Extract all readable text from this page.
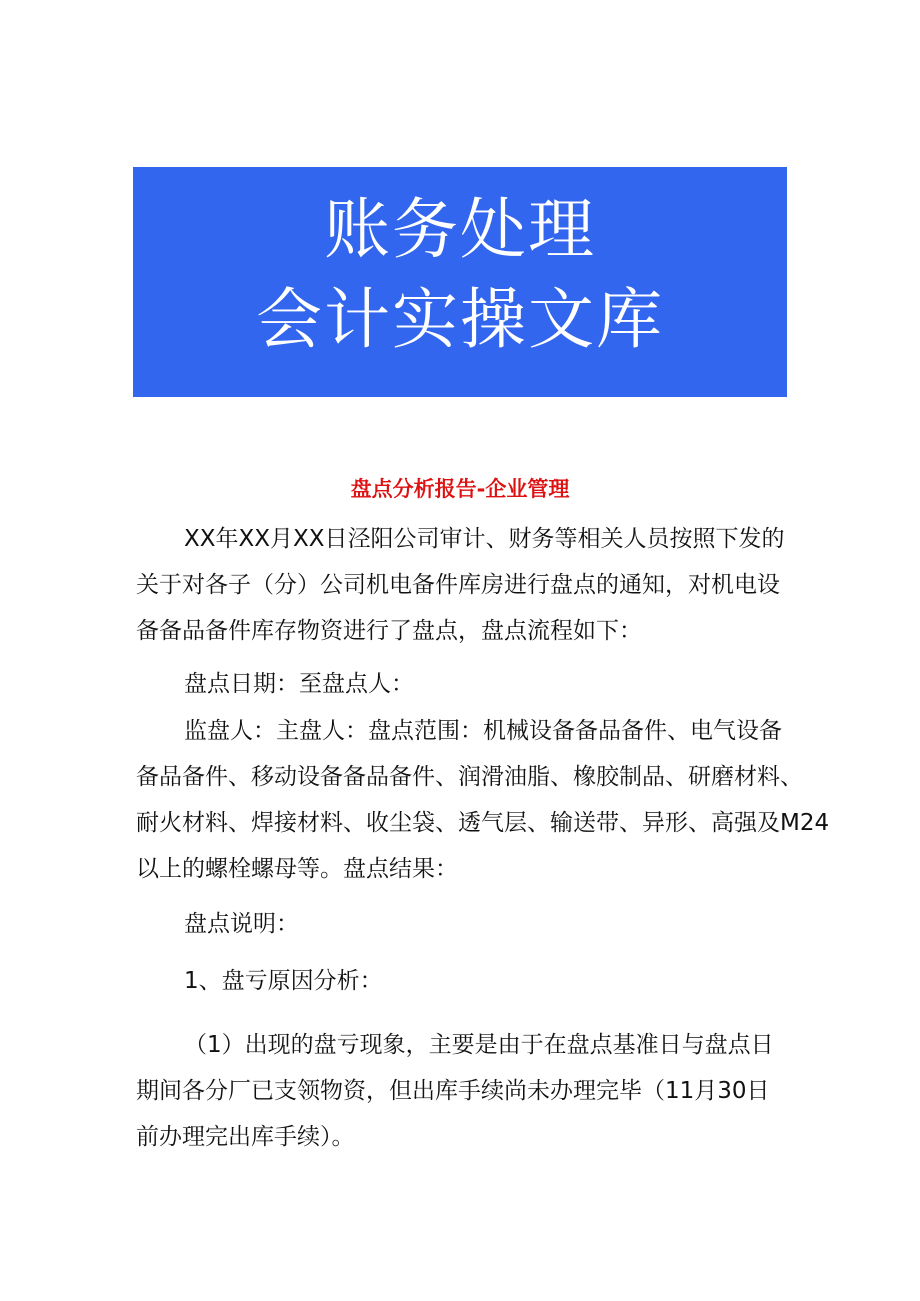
账务处理
会计实操文库
盘点分析报告-企业管理
XX年XX月XX日泾阳公司审计、财务等相关人员按照下发的
关于对各子（分）公司机电备件库房进行盘点的通知，对机电设
备备品备件库存物资进行了盘点，盘点流程如下：
盘点日期：至盘点人：
监盘人：主盘人：盘点范围：机械设备备品备件、电气设备
备品备件、移动设备备品备件、润滑油脂、橡胶制品、研磨材料、
耐火材料、焊接材料、收尘袋、透气层、输送带、异形、高强及M24
以上的螺栓螺母等。盘点结果：
盘点说明：
1、盘亏原因分析：
（1）出现的盘亏现象，主要是由于在盘点基准日与盘点日
期间各分厂已支领物资，但出库手续尚未办理完毕（11月30日
前办理完出库手续）。
